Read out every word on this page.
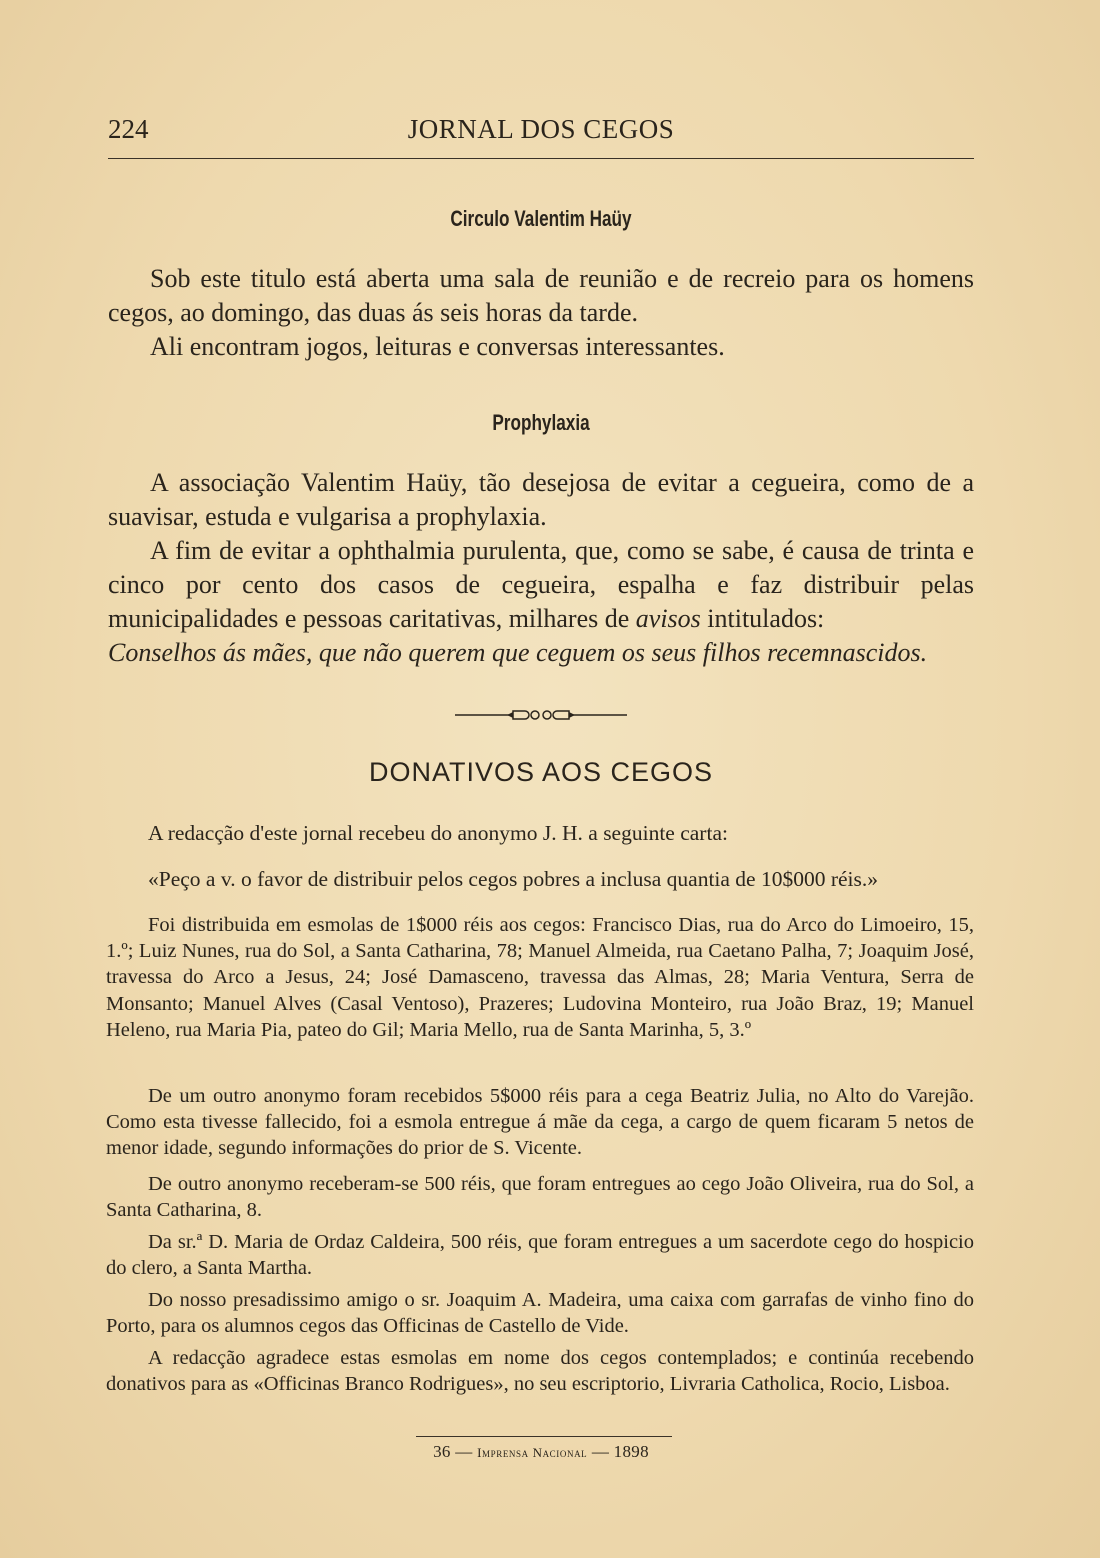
224	JORNAL DOS CEGOS
Circulo Valentim Haüy
Sob este titulo está aberta uma sala de reunião e de recreio para os homens cegos, ao domingo, das duas ás seis horas da tarde.
Ali encontram jogos, leituras e conversas interessantes.
Prophylaxia
A associação Valentim Haüy, tão desejosa de evitar a cegueira, como de a suavisar, estuda e vulgarisa a prophylaxia.
A fim de evitar a ophthalmia purulenta, que, como se sabe, é causa de trinta e cinco por cento dos casos de cegueira, espalha e faz distribuir pelas municipalidades e pessoas caritativas, milhares de avisos intitulados:
Conselhos ás mães, que não querem que ceguem os seus filhos recemnascidos.
DONATIVOS AOS CEGOS
A redacção d'este jornal recebeu do anonymo J. H. a seguinte carta:
«Peço a v. o favor de distribuir pelos cegos pobres a inclusa quantia de 10$000 réis.»
Foi distribuida em esmolas de 1$000 réis aos cegos: Francisco Dias, rua do Arco do Limoeiro, 15, 1.º; Luiz Nunes, rua do Sol, a Santa Catharina, 78; Manuel Almeida, rua Caetano Palha, 7; Joaquim José, travessa do Arco a Jesus, 24; José Damasceno, travessa das Almas, 28; Maria Ventura, Serra de Monsanto; Manuel Alves (Casal Ventoso), Prazeres; Ludovina Monteiro, rua João Braz, 19; Manuel Heleno, rua Maria Pia, pateo do Gil; Maria Mello, rua de Santa Marinha, 5, 3.º
De um outro anonymo foram recebidos 5$000 réis para a cega Beatriz Julia, no Alto do Varejão. Como esta tivesse fallecido, foi a esmola entregue á mãe da cega, a cargo de quem ficaram 5 netos de menor idade, segundo informações do prior de S. Vicente.
De outro anonymo receberam-se 500 réis, que foram entregues ao cego João Oliveira, rua do Sol, a Santa Catharina, 8.
Da sr.ª D. Maria de Ordaz Caldeira, 500 réis, que foram entregues a um sacerdote cego do hospicio do clero, a Santa Martha.
Do nosso presadissimo amigo o sr. Joaquim A. Madeira, uma caixa com garrafas de vinho fino do Porto, para os alumnos cegos das Officinas de Castello de Vide.
A redacção agradece estas esmolas em nome dos cegos contemplados; e continúa recebendo donativos para as «Officinas Branco Rodrigues», no seu escriptorio, Livraria Catholica, Rocio, Lisboa.
36 — Imprensa Nacional — 1898
